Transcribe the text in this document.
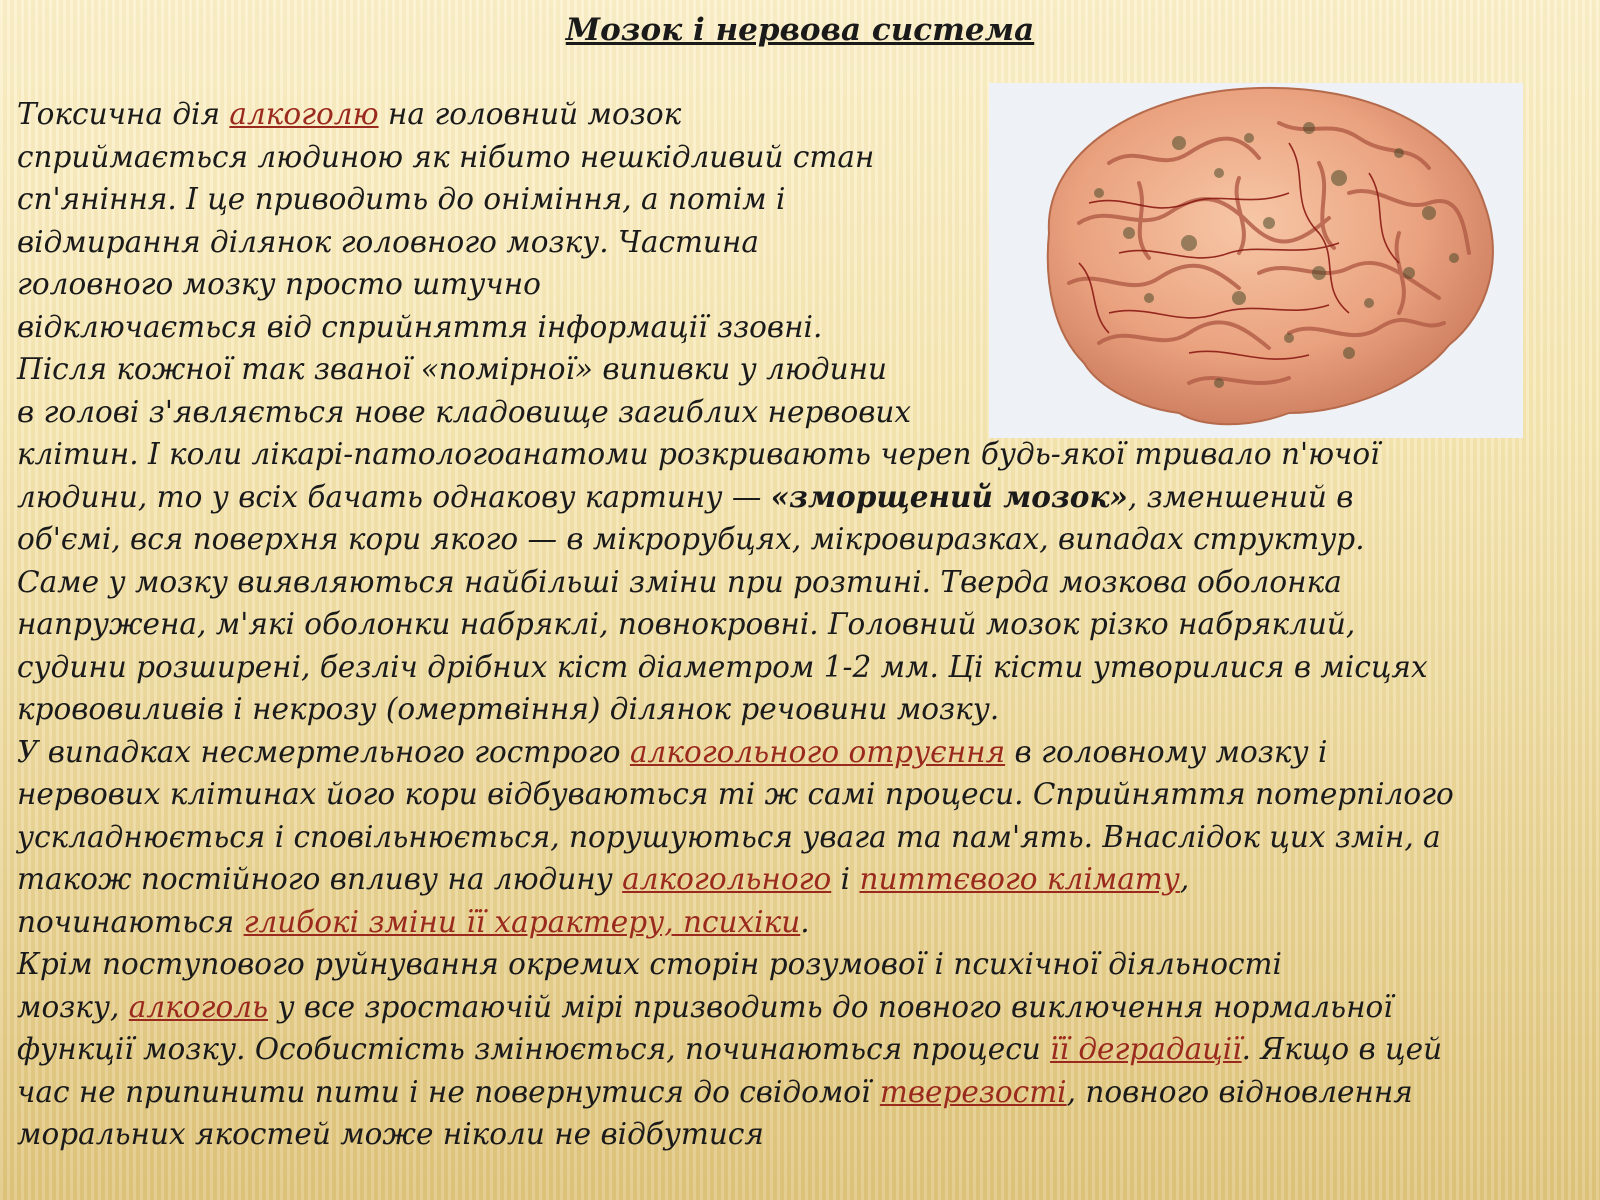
Мозок і нервова система
Токсична дія алкоголю на головний мозок
сприймається людиною як нібито нешкідливий стан
сп'яніння. І це приводить до оніміння, а потім і
відмирання ділянок головного мозку. Частина
головного мозку просто штучно
відключається від сприйняття інформації ззовні.
Після кожної так званої «помірної» випивки у людини
в голові з'являється нове кладовище загиблих нервових
клітин. І коли лікарі-патологоанатоми розкривають череп будь-якої тривало п'ючої
людини, то у всіх бачать однакову картину — «зморщений мозок», зменшений в
об'ємі, вся поверхня кори якого — в мікрорубцях, мікровиразках, випадах структур.
Саме у мозку виявляються найбільші зміни при розтині. Тверда мозкова оболонка
напружена, м'які оболонки набряклі, повнокровні. Головний мозок різко набряклий,
судини розширені, безліч дрібних кіст діаметром 1-2 мм. Ці кісти утворилися в місцях
крововиливів і некрозу (омертвіння) ділянок речовини мозку.
У випадках несмертельного гострого алкогольного отруєння в головному мозку і
нервових клітинах його кори відбуваються ті ж самі процеси. Сприйняття потерпілого
ускладнюється і сповільнюється, порушуються увага та пам'ять. Внаслідок цих змін, а
також постійного впливу на людину алкогольного і питтєвого клімату,
починаються глибокі зміни її характеру, психіки.
Крім поступового руйнування окремих сторін розумової і психічної діяльності
мозку, алкоголь у все зростаючій мірі призводить до повного виключення нормальної
функції мозку. Особистість змінюється, починаються процеси її деградації. Якщо в цей
час не припинити пити і не повернутися до свідомої тверезості, повного відновлення
моральних якостей може ніколи не відбутися
